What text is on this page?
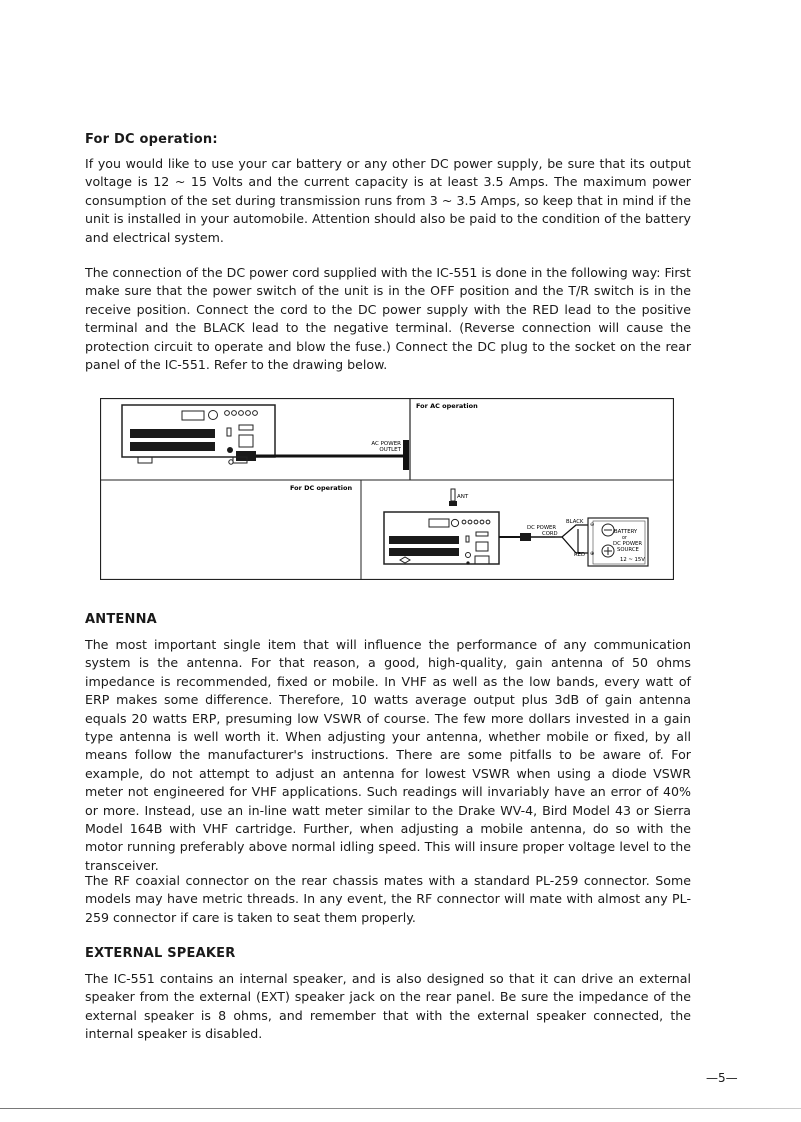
For DC operation:

If you would like to use your car battery or any other DC power supply, be sure that its output voltage is 12 ~ 15 Volts and the current capacity is at least 3.5 Amps. The maximum power consumption of the set during transmission runs from 3 ~ 3.5 Amps, so keep that in mind if the unit is installed in your automobile. Attention should also be paid to the condition of the battery and electrical system.

The connection of the DC power cord supplied with the IC-551 is done in the following way: First make sure that the power switch of the unit is in the OFF position and the T/R switch is in the receive position. Connect the cord to the DC power supply with the RED lead to the positive terminal and the BLACK lead to the negative terminal. (Reverse connection will cause the protection circuit to operate and blow the fuse.) Connect the DC plug to the socket on the rear panel of the IC-551. Refer to the drawing below.

AC POWER
OUTLET
For AC operation
For DC operation
ANT
DC POWER
CORD
BLACK
RED
⊖
⊕
BATTERY
or
DC POWER
SOURCE
12 ~ 15V
ANTENNA

The most important single item that will influence the performance of any communication system is the antenna. For that reason, a good, high-quality, gain antenna of 50 ohms impedance is recommended, fixed or mobile. In VHF as well as the low bands, every watt of ERP makes some difference. Therefore, 10 watts average output plus 3dB of gain antenna equals 20 watts ERP, presuming low VSWR of course. The few more dollars invested in a gain type antenna is well worth it. When adjusting your antenna, whether mobile or fixed, by all means follow the manufacturer's instructions. There are some pitfalls to be aware of. For example, do not attempt to adjust an antenna for lowest VSWR when using a diode VSWR meter not engineered for VHF applications. Such readings will invariably have an error of 40% or more. Instead, use an in-line watt meter similar to the Drake WV-4, Bird Model 43 or Sierra Model 164B with VHF cartridge. Further, when adjusting a mobile antenna, do so with the motor running preferably above normal idling speed. This will insure proper voltage level to the transceiver.

The RF coaxial connector on the rear chassis mates with a standard PL-259 connector. Some models may have metric threads. In any event, the RF connector will mate with almost any PL-259 connector if care is taken to seat them properly.

EXTERNAL SPEAKER

The IC-551 contains an internal speaker, and is also designed so that it can drive an external speaker from the external (EXT) speaker jack on the rear panel. Be sure the impedance of the external speaker is 8 ohms, and remember that with the external speaker connected, the internal speaker is disabled.

—5—
